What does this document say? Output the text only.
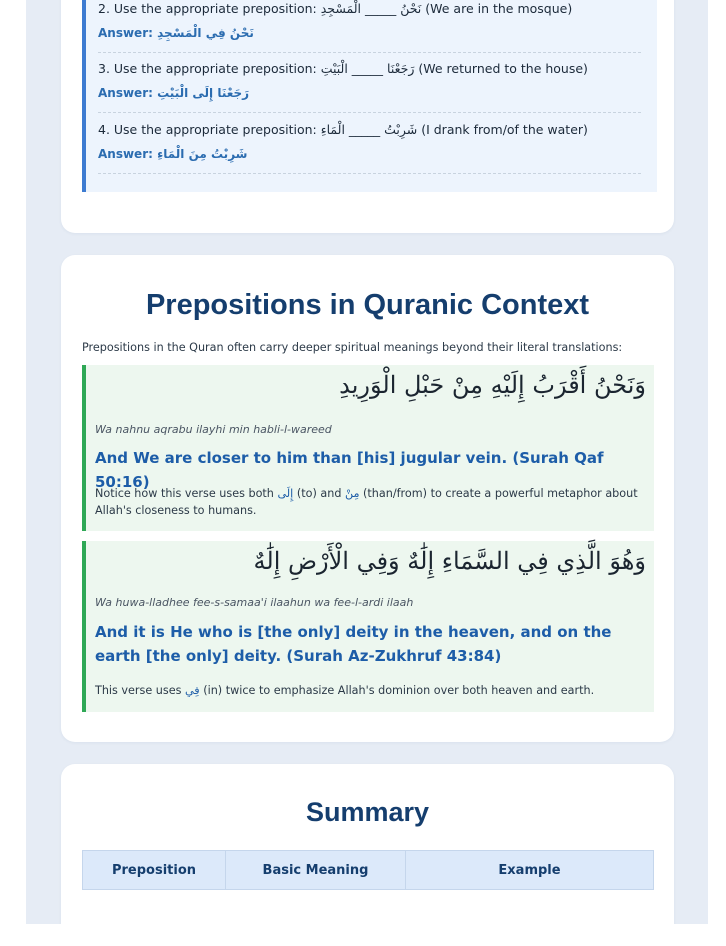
2. Use the appropriate preposition: نَحْنُ _____ الْمَسْجِدِ (We are in the mosque)
Answer: نَحْنُ فِي الْمَسْجِدِ
3. Use the appropriate preposition: رَجَعْنَا _____ الْبَيْتِ (We returned to the house)
Answer: رَجَعْنَا إِلَى الْبَيْتِ
4. Use the appropriate preposition: شَرِبْتُ _____ الْمَاءِ (I drank from/of the water)
Answer: شَرِبْتُ مِنَ الْمَاءِ
Prepositions in Quranic Context
Prepositions in the Quran often carry deeper spiritual meanings beyond their literal translations:
وَنَحْنُ أَقْرَبُ إِلَيْهِ مِنْ حَبْلِ الْوَرِيدِ
Wa nahnu aqrabu ilayhi min habli-l-wareed
And We are closer to him than [his] jugular vein. (Surah Qaf 50:16)
Notice how this verse uses both إِلَى (to) and مِنْ (than/from) to create a powerful metaphor about Allah's closeness to humans.
وَهُوَ الَّذِي فِي السَّمَاءِ إِلَٰهٌ وَفِي الْأَرْضِ إِلَٰهٌ
Wa huwa-lladhee fee-s-samaa'i ilaahun wa fee-l-ardi ilaah
And it is He who is [the only] deity in the heaven, and on the earth [the only] deity. (Surah Az-Zukhruf 43:84)
This verse uses فِي (in) twice to emphasize Allah's dominion over both heaven and earth.
Summary
Preposition	Basic Meaning	Example
